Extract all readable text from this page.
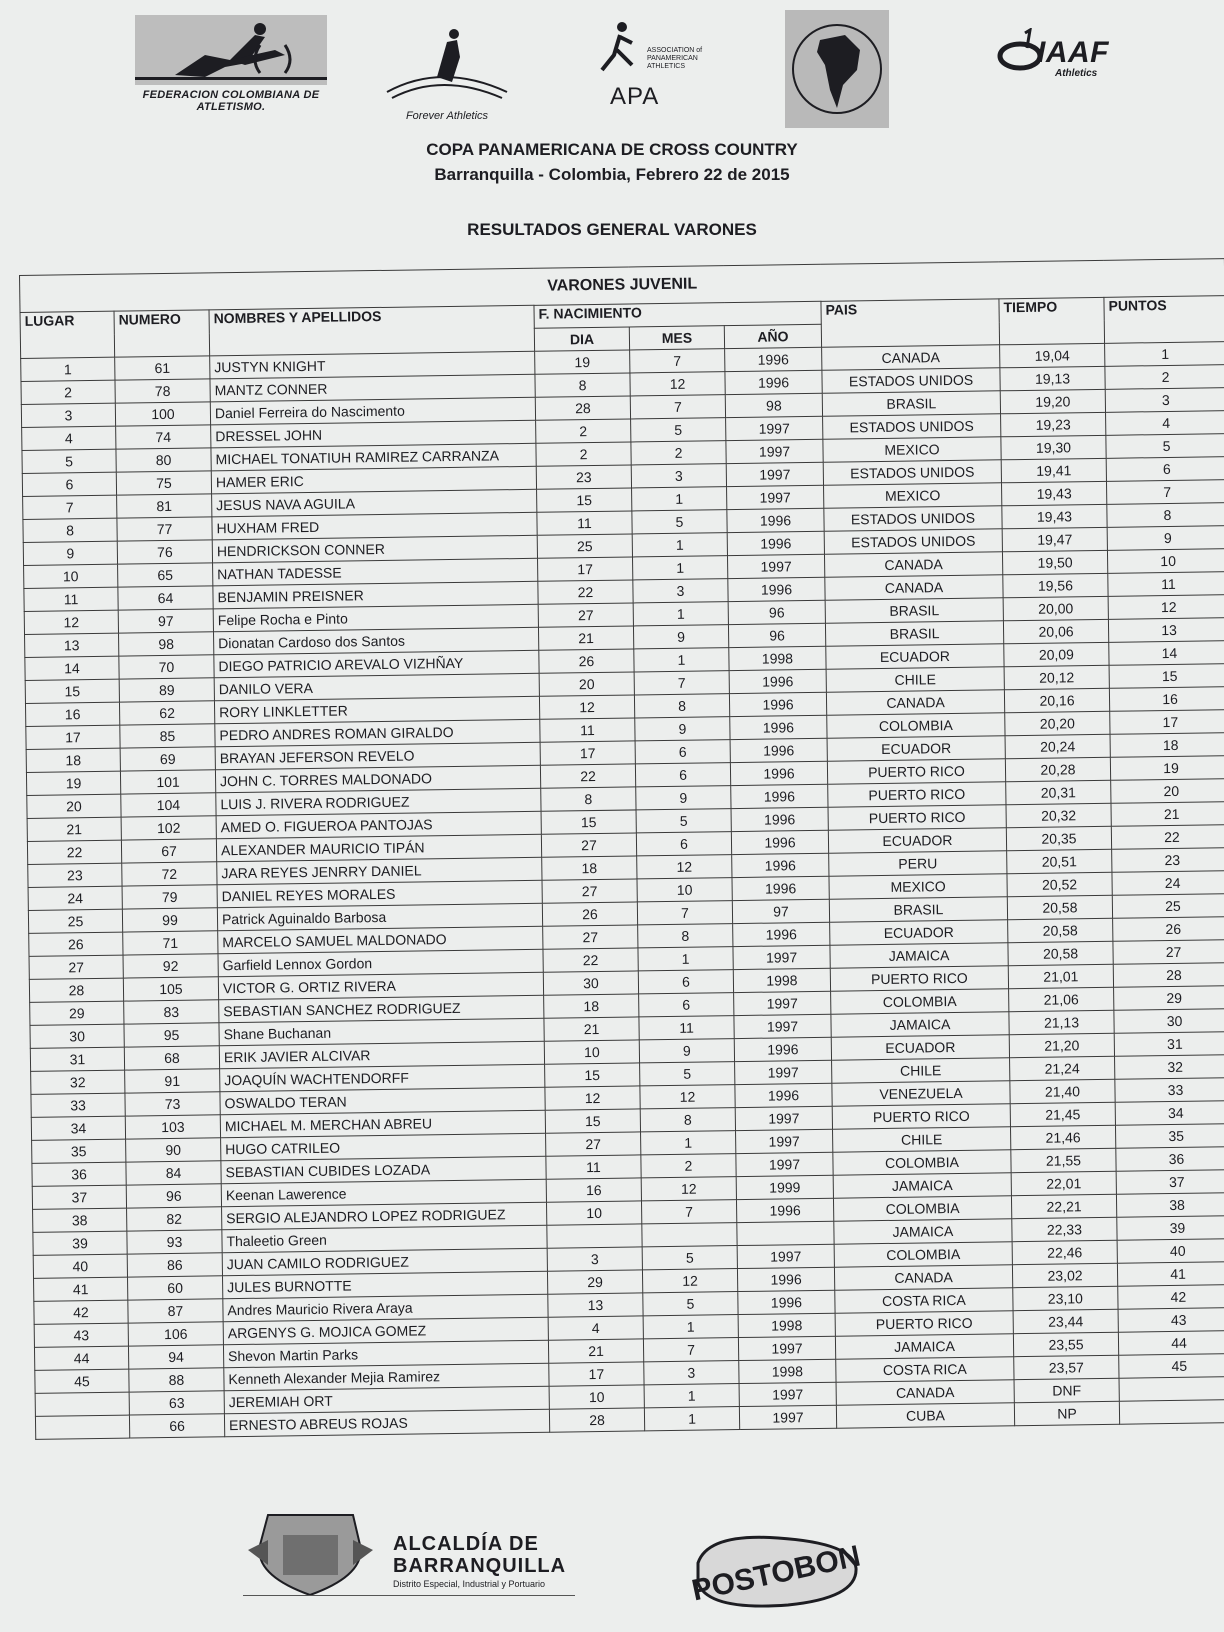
FEDERACION COLOMBIANA DE ATLETISMO.
Forever Athletics
ASSOCIATION of PANAMERICAN ATHLETICS
APA
IAAF
Athletics
COPA PANAMERICANA DE CROSS COUNTRY
Barranquilla - Colombia, Febrero 22 de 2015
RESULTADOS GENERAL VARONES
VARONES JUVENIL								
LUGAR	NUMERO	NOMBRES Y APELLIDOS	F. NACIMIENTO			PAIS	TIEMPO	PUNTOS
			DIA	MES	AÑO			
1	61	JUSTYN KNIGHT	19	7	1996	CANADA	19,04	1
2	78	MANTZ CONNER	8	12	1996	ESTADOS UNIDOS	19,13	2
3	100	Daniel Ferreira do Nascimento	28	7	98	BRASIL	19,20	3
4	74	DRESSEL JOHN	2	5	1997	ESTADOS UNIDOS	19,23	4
5	80	MICHAEL TONATIUH RAMIREZ CARRANZA	2	2	1997	MEXICO	19,30	5
6	75	HAMER ERIC	23	3	1997	ESTADOS UNIDOS	19,41	6
7	81	JESUS NAVA AGUILA	15	1	1997	MEXICO	19,43	7
8	77	HUXHAM FRED	11	5	1996	ESTADOS UNIDOS	19,43	8
9	76	HENDRICKSON CONNER	25	1	1996	ESTADOS UNIDOS	19,47	9
10	65	NATHAN TADESSE	17	1	1997	CANADA	19,50	10
11	64	BENJAMIN PREISNER	22	3	1996	CANADA	19,56	11
12	97	Felipe Rocha e Pinto	27	1	96	BRASIL	20,00	12
13	98	Dionatan Cardoso dos Santos	21	9	96	BRASIL	20,06	13
14	70	DIEGO PATRICIO AREVALO VIZHÑAY	26	1	1998	ECUADOR	20,09	14
15	89	DANILO VERA	20	7	1996	CHILE	20,12	15
16	62	RORY LINKLETTER	12	8	1996	CANADA	20,16	16
17	85	PEDRO ANDRES ROMAN GIRALDO	11	9	1996	COLOMBIA	20,20	17
18	69	BRAYAN JEFERSON REVELO	17	6	1996	ECUADOR	20,24	18
19	101	JOHN C. TORRES MALDONADO	22	6	1996	PUERTO RICO	20,28	19
20	104	LUIS J. RIVERA RODRIGUEZ	8	9	1996	PUERTO RICO	20,31	20
21	102	AMED O. FIGUEROA PANTOJAS	15	5	1996	PUERTO RICO	20,32	21
22	67	ALEXANDER MAURICIO TIPÁN	27	6	1996	ECUADOR	20,35	22
23	72	JARA REYES JENRRY DANIEL	18	12	1996	PERU	20,51	23
24	79	DANIEL REYES MORALES	27	10	1996	MEXICO	20,52	24
25	99	Patrick Aguinaldo Barbosa	26	7	97	BRASIL	20,58	25
26	71	MARCELO SAMUEL MALDONADO	27	8	1996	ECUADOR	20,58	26
27	92	Garfield Lennox Gordon	22	1	1997	JAMAICA	20,58	27
28	105	VICTOR G. ORTIZ RIVERA	30	6	1998	PUERTO RICO	21,01	28
29	83	SEBASTIAN SANCHEZ RODRIGUEZ	18	6	1997	COLOMBIA	21,06	29
30	95	Shane Buchanan	21	11	1997	JAMAICA	21,13	30
31	68	ERIK JAVIER ALCIVAR	10	9	1996	ECUADOR	21,20	31
32	91	JOAQUÍN WACHTENDORFF	15	5	1997	CHILE	21,24	32
33	73	OSWALDO TERAN	12	12	1996	VENEZUELA	21,40	33
34	103	MICHAEL M. MERCHAN ABREU	15	8	1997	PUERTO RICO	21,45	34
35	90	HUGO CATRILEO	27	1	1997	CHILE	21,46	35
36	84	SEBASTIAN CUBIDES LOZADA	11	2	1997	COLOMBIA	21,55	36
37	96	Keenan Lawerence	16	12	1999	JAMAICA	22,01	37
38	82	SERGIO ALEJANDRO LOPEZ RODRIGUEZ	10	7	1996	COLOMBIA	22,21	38
39	93	Thaleetio Green				JAMAICA	22,33	39
40	86	JUAN CAMILO RODRIGUEZ	3	5	1997	COLOMBIA	22,46	40
41	60	JULES BURNOTTE	29	12	1996	CANADA	23,02	41
42	87	Andres Mauricio Rivera Araya	13	5	1996	COSTA RICA	23,10	42
43	106	ARGENYS G. MOJICA GOMEZ	4	1	1998	PUERTO RICO	23,44	43
44	94	Shevon Martin Parks	21	7	1997	JAMAICA	23,55	44
45	88	Kenneth Alexander Mejia Ramirez	17	3	1998	COSTA RICA	23,57	45
	63	JEREMIAH ORT	10	1	1997	CANADA	DNF	
	66	ERNESTO ABREUS ROJAS	28	1	1997	CUBA	NP	
ALCALDÍA DE
BARRANQUILLA
Distrito Especial, Industrial y Portuario	POSTOBON
